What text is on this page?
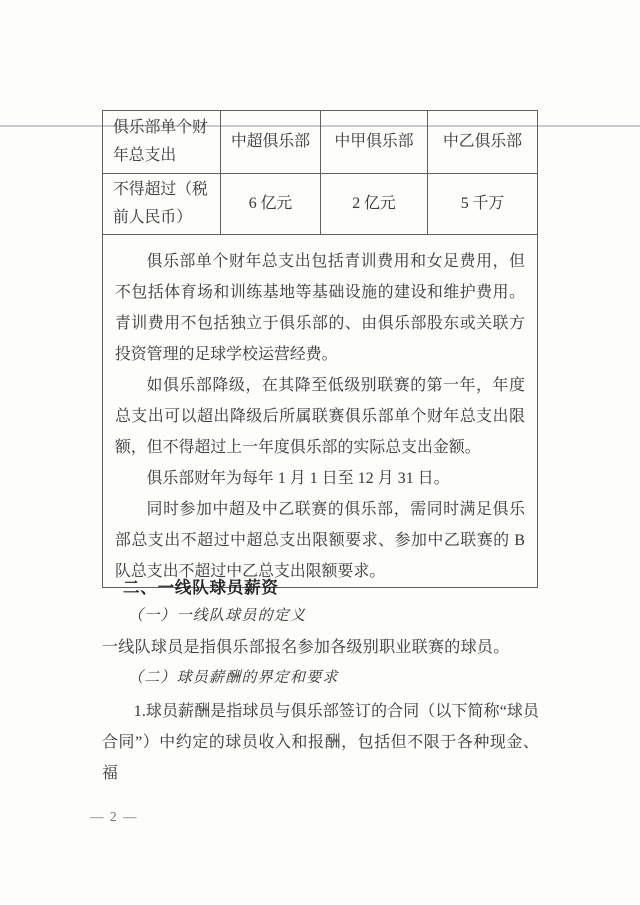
俱乐部单个财年总支出	中超俱乐部	中甲俱乐部	中乙俱乐部
不得超过（税前人民币）	6 亿元	2 亿元	5 千万

俱乐部单个财年总支出包括青训费用和女足费用，但不包括体育场和训练基地等基础设施的建设和维护费用。青训费用不包括独立于俱乐部的、由俱乐部股东或关联方投资管理的足球学校运营经费。

如俱乐部降级，在其降至低级别联赛的第一年，年度总支出可以超出降级后所属联赛俱乐部单个财年总支出限额，但不得超过上一年度俱乐部的实际总支出金额。

俱乐部财年为每年 1 月 1 日至 12 月 31 日。

同时参加中超及中乙联赛的俱乐部，需同时满足俱乐部总支出不超过中超总支出限额要求、参加中乙联赛的 B 队总支出不超过中乙总支出限额要求。			

二、一线队球员薪资
（一）一线队球员的定义
一线队球员是指俱乐部报名参加各级别职业联赛的球员。
（二）球员薪酬的界定和要求

1.球员薪酬是指球员与俱乐部签订的合同（以下简称“球员合同”）中约定的球员收入和报酬，包括但不限于各种现金、福

— 2 —
